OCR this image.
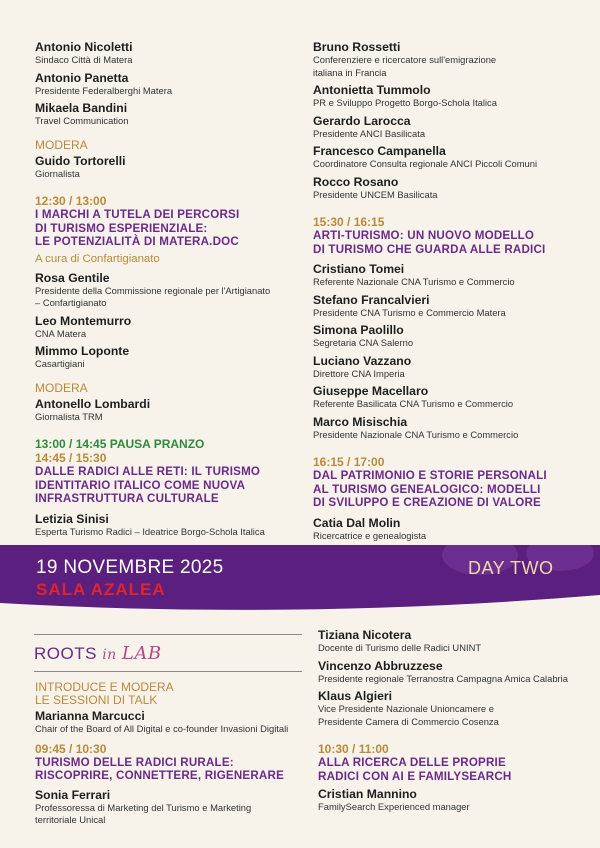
Antonio Nicoletti
Sindaco Città di Matera
Antonio Panetta
Presidente Federalberghi Matera
Mikaela Bandini
Travel Communication
MODERA
Guido Tortorelli
Giornalista
12:30 / 13:00
I MARCHI A TUTELA DEI PERCORSI
DI TURISMO ESPERIENZIALE:
LE POTENZIALITÀ DI MATERA.DOC
A cura di Confartigianato
Rosa Gentile
Presidente della Commissione regionale per l'Artigianato
– Confartigianato
Leo Montemurro
CNA Matera
Mimmo Loponte
Casartigiani
MODERA
Antonello Lombardi
Giornalista TRM
13:00 / 14:45 PAUSA PRANZO
14:45 / 15:30
DALLE RADICI ALLE RETI: IL TURISMO
IDENTITARIO ITALICO COME NUOVA
INFRASTRUTTURA CULTURALE
Letizia Sinisi
Esperta Turismo Radici – Ideatrice Borgo-Schola Italica
Bruno Rossetti
Conferenziere e ricercatore sull'emigrazione
italiana in Francia
Antonietta Tummolo
PR e Sviluppo Progetto Borgo-Schola Italica
Gerardo Larocca
Presidente ANCI Basilicata
Francesco Campanella
Coordinatore Consulta regionale ANCI Piccoli Comuni
Rocco Rosano
Presidente UNCEM Basilicata
15:30 / 16:15
ARTI-TURISMO: UN NUOVO MODELLO
DI TURISMO CHE GUARDA ALLE RADICI
Cristiano Tomei
Referente Nazionale CNA Turismo e Commercio
Stefano Francalvieri
Presidente CNA Turismo e Commercio Matera
Simona Paolillo
Segretaria CNA Salerno
Luciano Vazzano
Direttore CNA Imperia
Giuseppe Macellaro
Referente Basilicata CNA Turismo e Commercio
Marco Misischia
Presidente Nazionale CNA Turismo e Commercio
16:15 / 17:00
DAL PATRIMONIO E STORIE PERSONALI
AL TURISMO GENEALOGICO: MODELLI
DI SVILUPPO E CREAZIONE DI VALORE
Catia Dal Molin
Ricercatrice e genealogista
19 NOVEMBRE 2025
SALA AZALEA
DAY TWO
ROOTS in LAB
INTRODUCE E MODERA
LE SESSIONI DI TALK
Marianna Marcucci
Chair of the Board of All Digital e co-founder Invasioni Digitali
09:45 / 10:30
TURISMO DELLE RADICI RURALE:
RISCOPRIRE, CONNETTERE, RIGENERARE
Sonia Ferrari
Professoressa di Marketing del Turismo e Marketing
territoriale Unical
Tiziana Nicotera
Docente di Turismo delle Radici UNINT
Vincenzo Abbruzzese
Presidente regionale Terranostra Campagna Amica Calabria
Klaus Algieri
Vice Presidente Nazionale Unioncamere e
Presidente Camera di Commercio Cosenza
10:30 / 11:00
ALLA RICERCA DELLE PROPRIE
RADICI CON AI E FAMILYSEARCH
Cristian Mannino
FamilySearch Experienced manager
